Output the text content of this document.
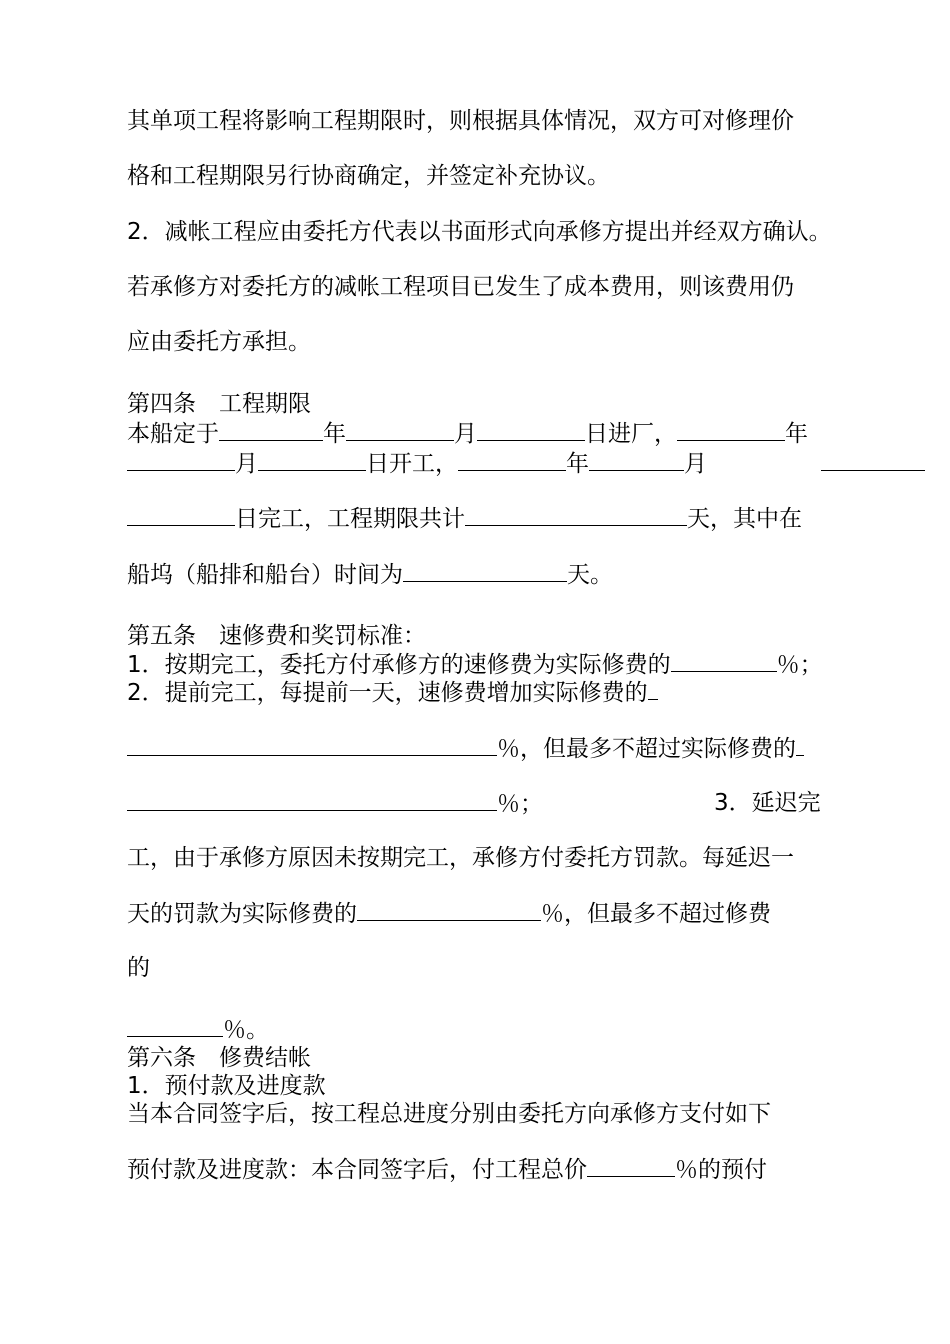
其单项工程将影响工程期限时，则根据具体情况，双方可对修理价
格和工程期限另行协商确定，并签定补充协议。
2．减帐工程应由委托方代表以书面形式向承修方提出并经双方确认。
若承修方对委托方的减帐工程项目已发生了成本费用，则该费用仍
应由委托方承担。
第四条　工程期限
本船定于	年	月	日进厂，	年
月	日开工，	年	月
日完工，工程期限共计	天，其中在
船坞（船排和船台）时间为	天。
第五条　速修费和奖罚标准：
1．按期完工，委托方付承修方的速修费为实际修费的	％；
2．提前完工，每提前一天，速修费增加实际修费的
％，但最多不超过实际修费的
％；	3．延迟完
工，由于承修方原因未按期完工，承修方付委托方罚款。每延迟一
天的罚款为实际修费的	％，但最多不超过修费
的
％。
第六条　修费结帐
1．预付款及进度款
当本合同签字后，按工程总进度分别由委托方向承修方支付如下
预付款及进度款：本合同签字后，付工程总价	％的预付
